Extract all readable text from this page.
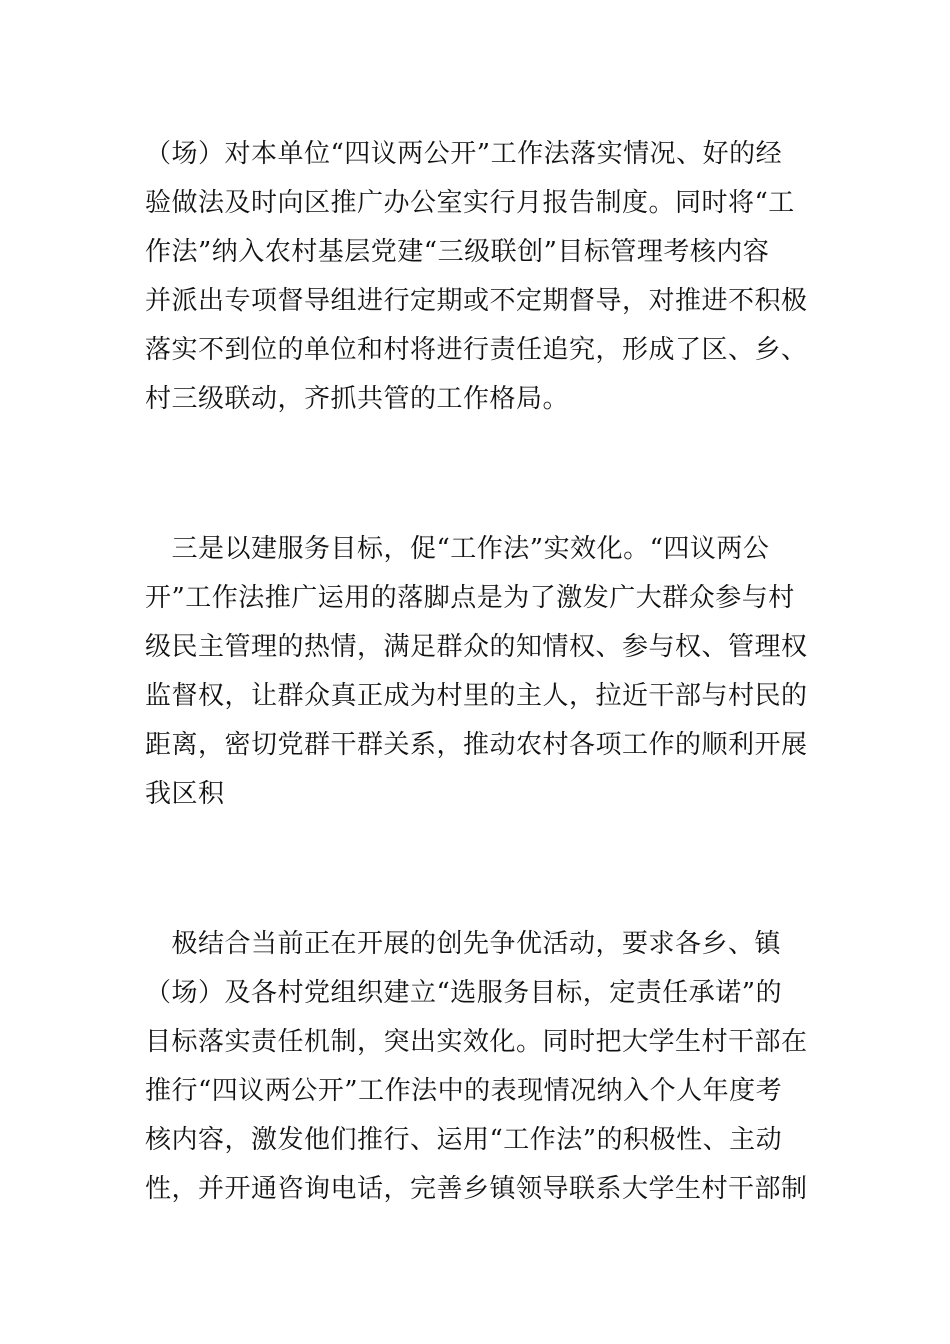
（场）对本单位“四议两公开”工作法落实情况、好的经
验做法及时向区推广办公室实行月报告制度。同时将“工
作法”纳入农村基层党建“三级联创”目标管理考核内容
并派出专项督导组进行定期或不定期督导，对推进不积极
落实不到位的单位和村将进行责任追究，形成了区、乡、
村三级联动，齐抓共管的工作格局。

　三是以建服务目标，促“工作法”实效化。“四议两公
开”工作法推广运用的落脚点是为了激发广大群众参与村
级民主管理的热情，满足群众的知情权、参与权、管理权
监督权，让群众真正成为村里的主人，拉近干部与村民的
距离，密切党群干群关系，推动农村各项工作的顺利开展
我区积

　极结合当前正在开展的创先争优活动，要求各乡、镇
（场）及各村党组织建立“选服务目标，定责任承诺”的
目标落实责任机制，突出实效化。同时把大学生村干部在
推行“四议两公开”工作法中的表现情况纳入个人年度考
核内容，激发他们推行、运用“工作法”的积极性、主动
性，并开通咨询电话，完善乡镇领导联系大学生村干部制
